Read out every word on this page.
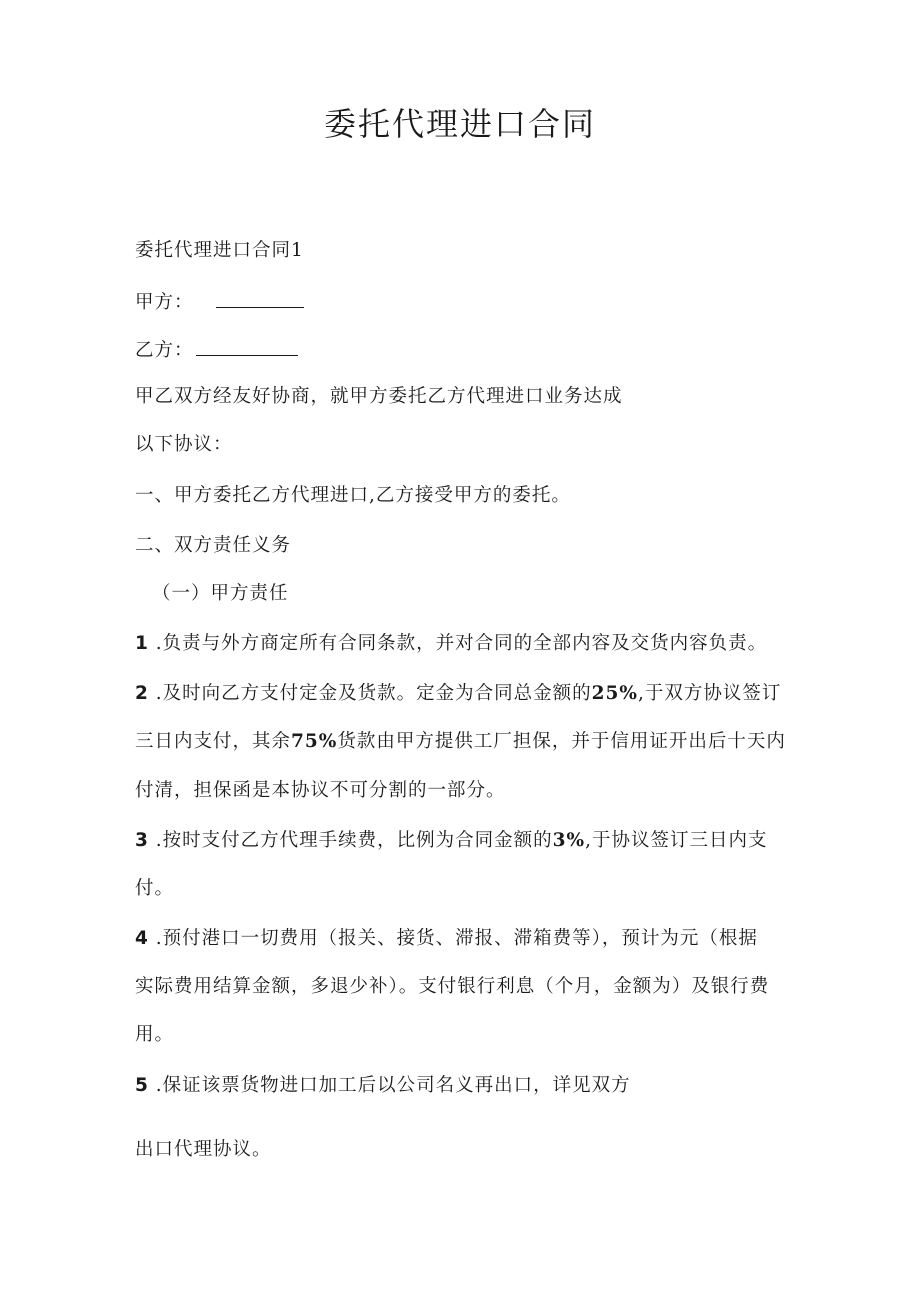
委托代理进口合同
委托代理进口合同1
甲方：
乙方：
甲乙双方经友好协商，就甲方委托乙方代理进口业务达成
以下协议：
一、甲方委托乙方代理进口,乙方接受甲方的委托。
二、双方责任义务
（一）甲方责任
1 .负责与外方商定所有合同条款，并对合同的全部内容及交货内容负责。
2 .及时向乙方支付定金及货款。定金为合同总金额的25%,于双方协议签订
三日内支付，其余75%货款由甲方提供工厂担保，并于信用证开出后十天内
付清，担保函是本协议不可分割的一部分。
3 .按时支付乙方代理手续费，比例为合同金额的3%,于协议签订三日内支
付。
4 .预付港口一切费用（报关、接货、滞报、滞箱费等），预计为元（根据
实际费用结算金额，多退少补）。支付银行利息（个月，金额为）及银行费
用。
5 .保证该票货物进口加工后以公司名义再出口，详见双方
出口代理协议。
